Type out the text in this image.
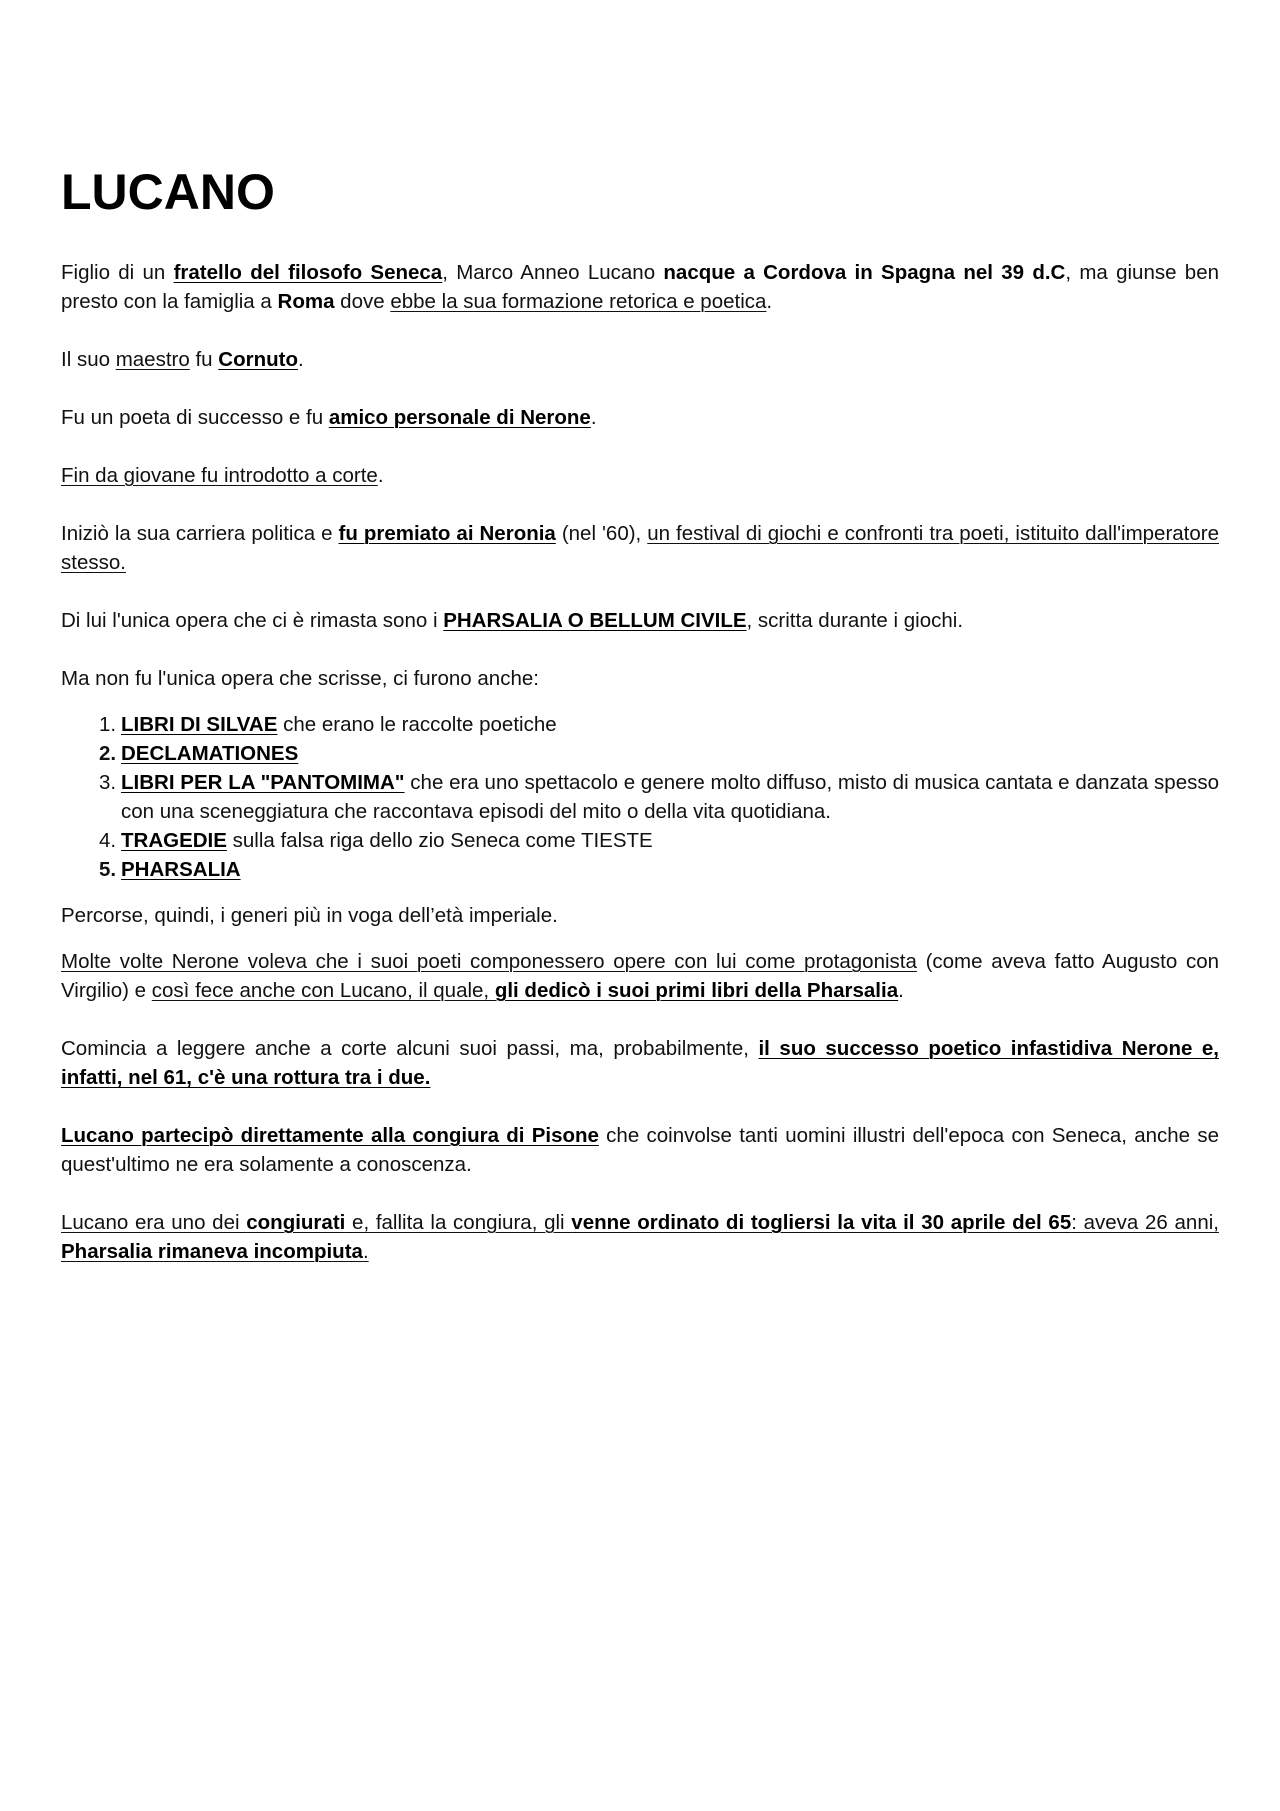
LUCANO

Figlio di un fratello del filosofo Seneca, Marco Anneo Lucano nacque a Cordova in Spagna nel 39 d.C, ma giunse ben presto con la famiglia a Roma dove ebbe la sua formazione retorica e poetica.

Il suo maestro fu Cornuto.

Fu un poeta di successo e fu amico personale di Nerone.

Fin da giovane fu introdotto a corte.

Iniziò la sua carriera politica e fu premiato ai Neronia (nel '60), un festival di giochi e confronti tra poeti, istituito dall'imperatore stesso.

Di lui l'unica opera che ci è rimasta sono i PHARSALIA O BELLUM CIVILE, scritta durante i giochi.

Ma non fu l'unica opera che scrisse, ci furono anche:

1. LIBRI DI SILVAE che erano le raccolte poetiche
2. DECLAMATIONES
3. LIBRI PER LA "PANTOMIMA" che era uno spettacolo e genere molto diffuso, misto di musica cantata e danzata spesso con una sceneggiatura che raccontava episodi del mito o della vita quotidiana.
4. TRAGEDIE sulla falsa riga dello zio Seneca come TIESTE
5. PHARSALIA

Percorse, quindi, i generi più in voga dell’età imperiale.

Molte volte Nerone voleva che i suoi poeti componessero opere con lui come protagonista (come aveva fatto Augusto con Virgilio) e così fece anche con Lucano, il quale, gli dedicò i suoi primi libri della Pharsalia.

Comincia a leggere anche a corte alcuni suoi passi, ma, probabilmente, il suo successo poetico infastidiva Nerone e, infatti, nel 61, c'è una rottura tra i due.

Lucano partecipò direttamente alla congiura di Pisone che coinvolse tanti uomini illustri dell'epoca con Seneca, anche se quest'ultimo ne era solamente a conoscenza.

Lucano era uno dei congiurati e, fallita la congiura, gli venne ordinato di togliersi la vita il 30 aprile del 65: aveva 26 anni, Pharsalia rimaneva incompiuta.
